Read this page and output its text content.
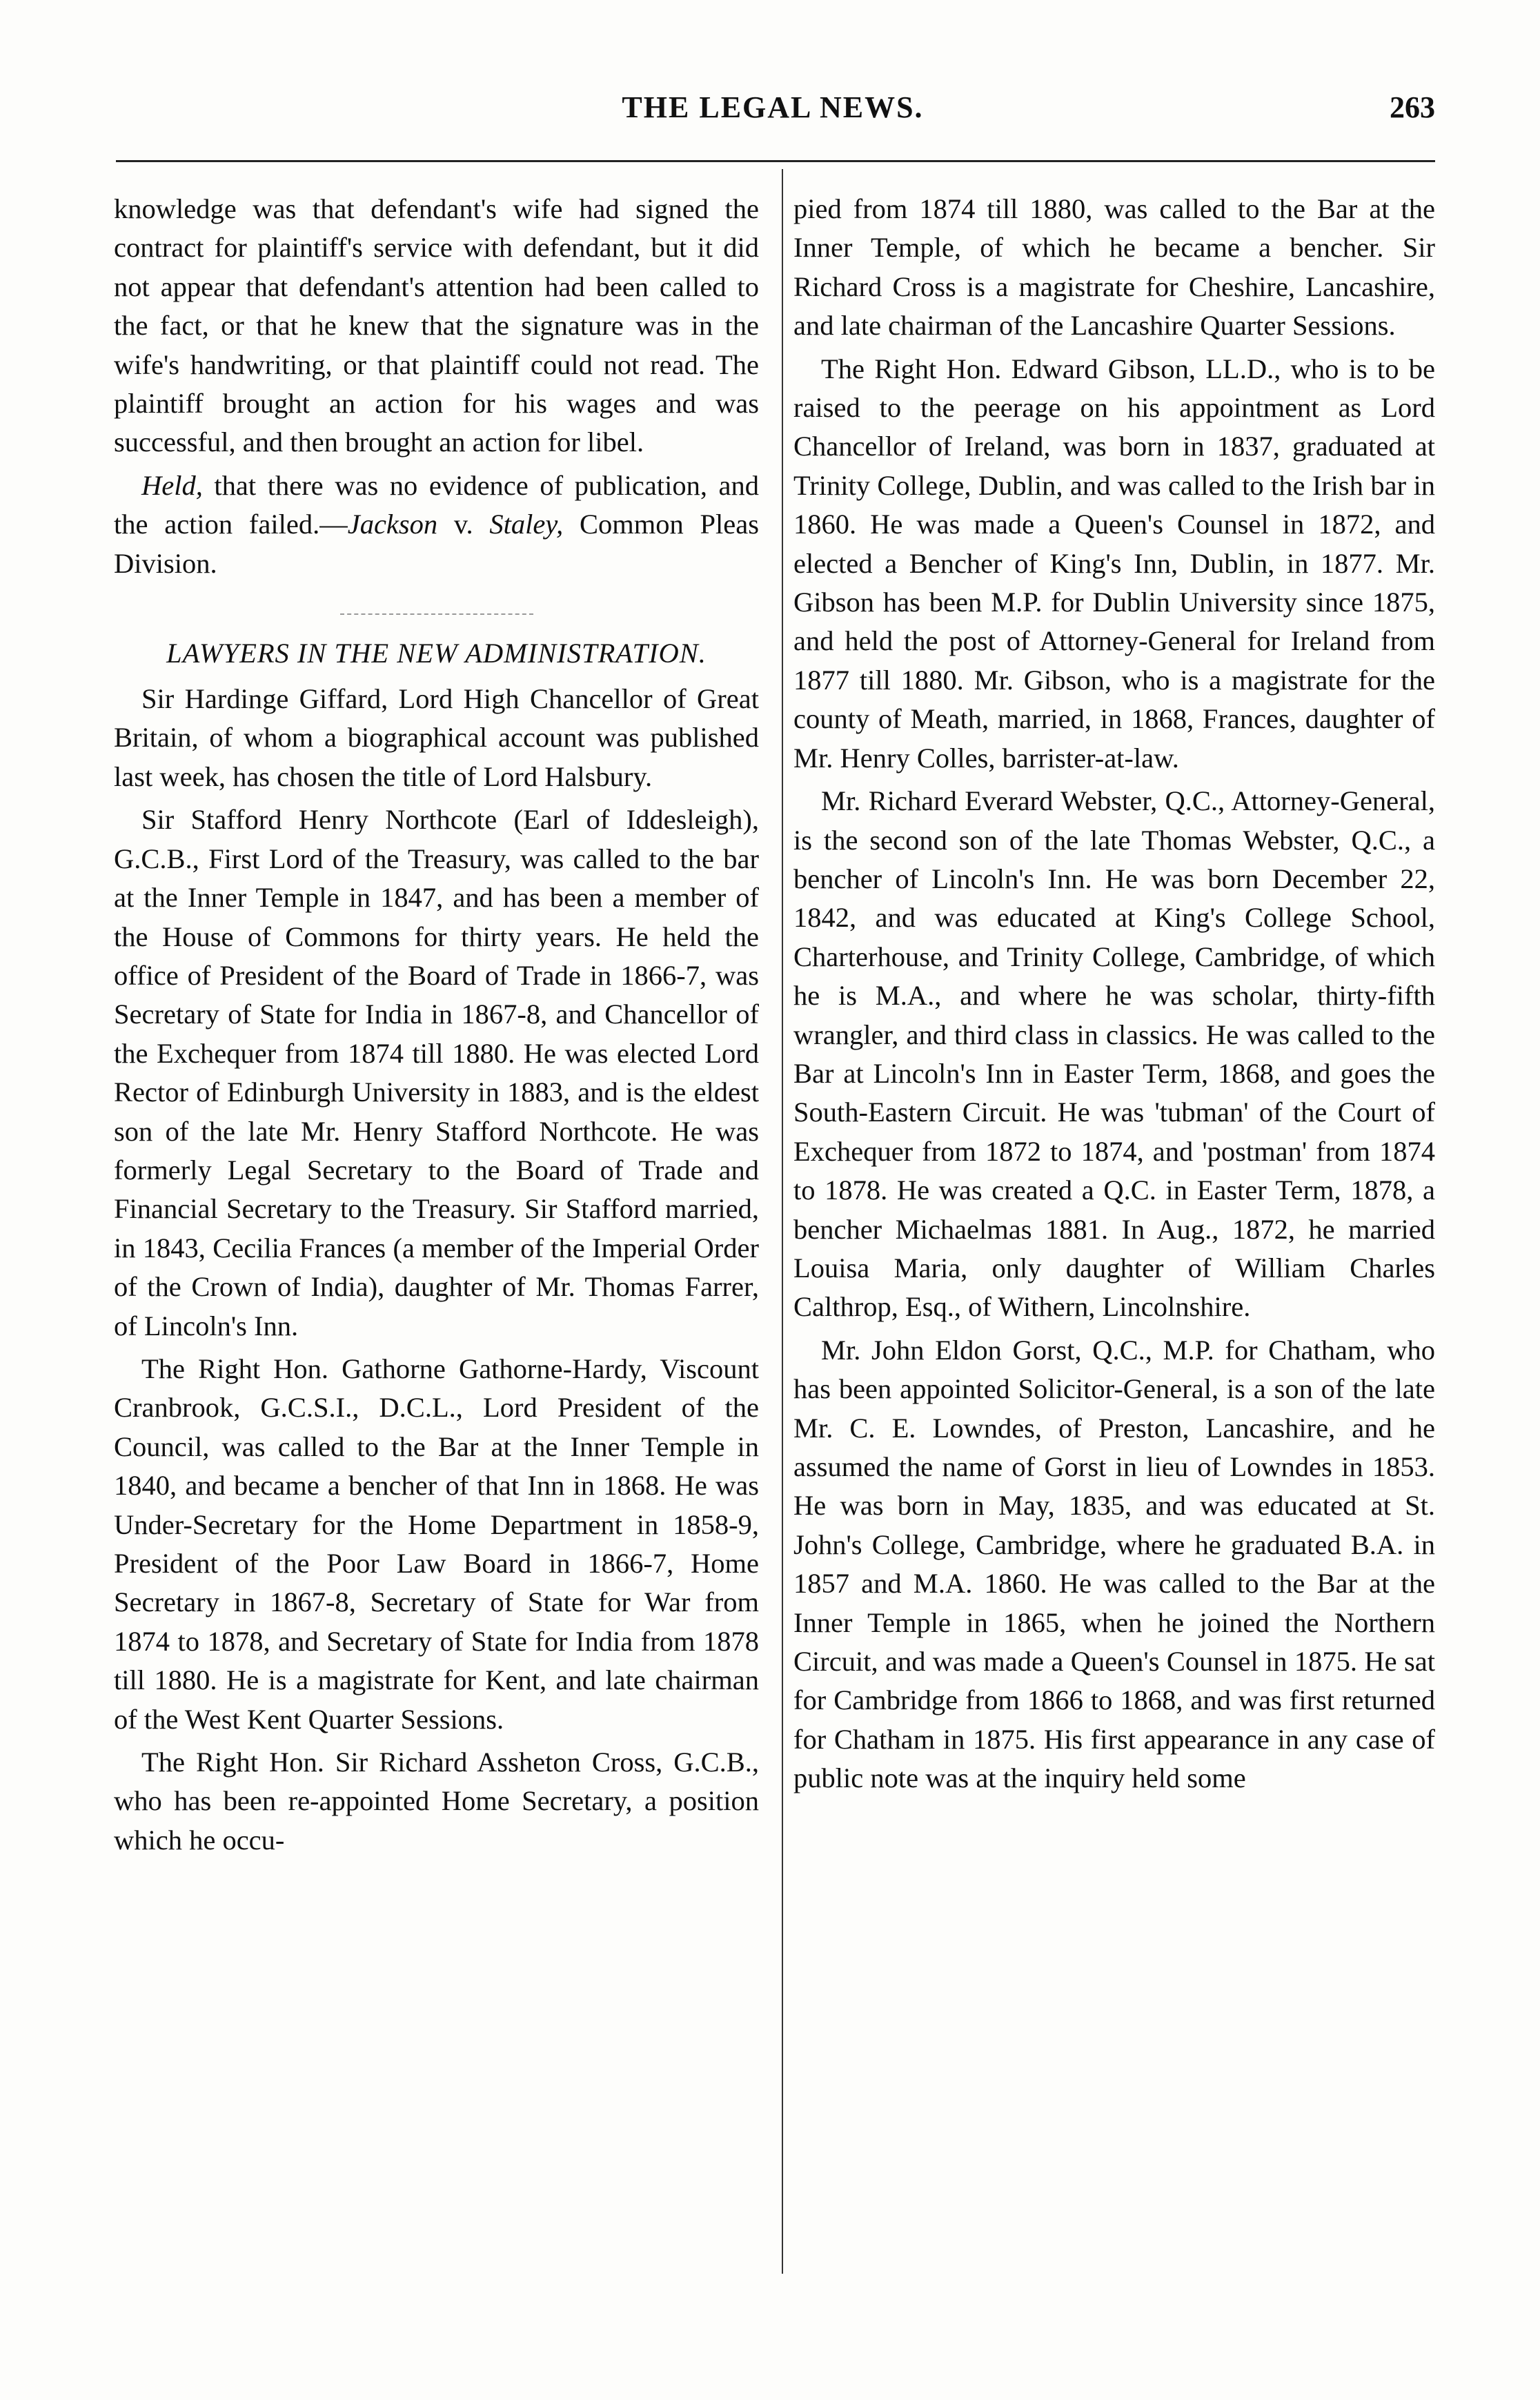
THE LEGAL NEWS.	263

knowledge was that defendant's wife had signed the contract for plaintiff's service with defendant, but it did not appear that defendant's attention had been called to the fact, or that he knew that the signature was in the wife's handwriting, or that plaintiff could not read. The plaintiff brought an action for his wages and was successful, and then brought an action for libel.

Held, that there was no evidence of publication, and the action failed.—Jackson v. Staley, Common Pleas Division.

LAWYERS IN THE NEW ADMINISTRATION.

Sir Hardinge Giffard, Lord High Chancellor of Great Britain, of whom a biographical account was published last week, has chosen the title of Lord Halsbury.

Sir Stafford Henry Northcote (Earl of Iddesleigh), G.C.B., First Lord of the Treasury, was called to the bar at the Inner Temple in 1847, and has been a member of the House of Commons for thirty years. He held the office of President of the Board of Trade in 1866-7, was Secretary of State for India in 1867-8, and Chancellor of the Exchequer from 1874 till 1880. He was elected Lord Rector of Edinburgh University in 1883, and is the eldest son of the late Mr. Henry Stafford Northcote. He was formerly Legal Secretary to the Board of Trade and Financial Secretary to the Treasury. Sir Stafford married, in 1843, Cecilia Frances (a member of the Imperial Order of the Crown of India), daughter of Mr. Thomas Farrer, of Lincoln's Inn.

The Right Hon. Gathorne Gathorne-Hardy, Viscount Cranbrook, G.C.S.I., D.C.L., Lord President of the Council, was called to the Bar at the Inner Temple in 1840, and became a bencher of that Inn in 1868. He was Under-Secretary for the Home Department in 1858-9, President of the Poor Law Board in 1866-7, Home Secretary in 1867-8, Secretary of State for War from 1874 to 1878, and Secretary of State for India from 1878 till 1880. He is a magistrate for Kent, and late chairman of the West Kent Quarter Sessions.

The Right Hon. Sir Richard Assheton Cross, G.C.B., who has been re-appointed Home Secretary, a position which he occu-

pied from 1874 till 1880, was called to the Bar at the Inner Temple, of which he became a bencher. Sir Richard Cross is a magistrate for Cheshire, Lancashire, and late chairman of the Lancashire Quarter Sessions.

The Right Hon. Edward Gibson, LL.D., who is to be raised to the peerage on his appointment as Lord Chancellor of Ireland, was born in 1837, graduated at Trinity College, Dublin, and was called to the Irish bar in 1860. He was made a Queen's Counsel in 1872, and elected a Bencher of King's Inn, Dublin, in 1877. Mr. Gibson has been M.P. for Dublin University since 1875, and held the post of Attorney-General for Ireland from 1877 till 1880. Mr. Gibson, who is a magistrate for the county of Meath, married, in 1868, Frances, daughter of Mr. Henry Colles, barrister-at-law.

Mr. Richard Everard Webster, Q.C., Attorney-General, is the second son of the late Thomas Webster, Q.C., a bencher of Lincoln's Inn. He was born December 22, 1842, and was educated at King's College School, Charterhouse, and Trinity College, Cambridge, of which he is M.A., and where he was scholar, thirty-fifth wrangler, and third class in classics. He was called to the Bar at Lincoln's Inn in Easter Term, 1868, and goes the South-Eastern Circuit. He was 'tubman' of the Court of Exchequer from 1872 to 1874, and 'postman' from 1874 to 1878. He was created a Q.C. in Easter Term, 1878, a bencher Michaelmas 1881. In Aug., 1872, he married Louisa Maria, only daughter of William Charles Calthrop, Esq., of Withern, Lincolnshire.

Mr. John Eldon Gorst, Q.C., M.P. for Chatham, who has been appointed Solicitor-General, is a son of the late Mr. C. E. Lowndes, of Preston, Lancashire, and he assumed the name of Gorst in lieu of Lowndes in 1853. He was born in May, 1835, and was educated at St. John's College, Cambridge, where he graduated B.A. in 1857 and M.A. 1860. He was called to the Bar at the Inner Temple in 1865, when he joined the Northern Circuit, and was made a Queen's Counsel in 1875. He sat for Cambridge from 1866 to 1868, and was first returned for Chatham in 1875. His first appearance in any case of public note was at the inquiry held some
